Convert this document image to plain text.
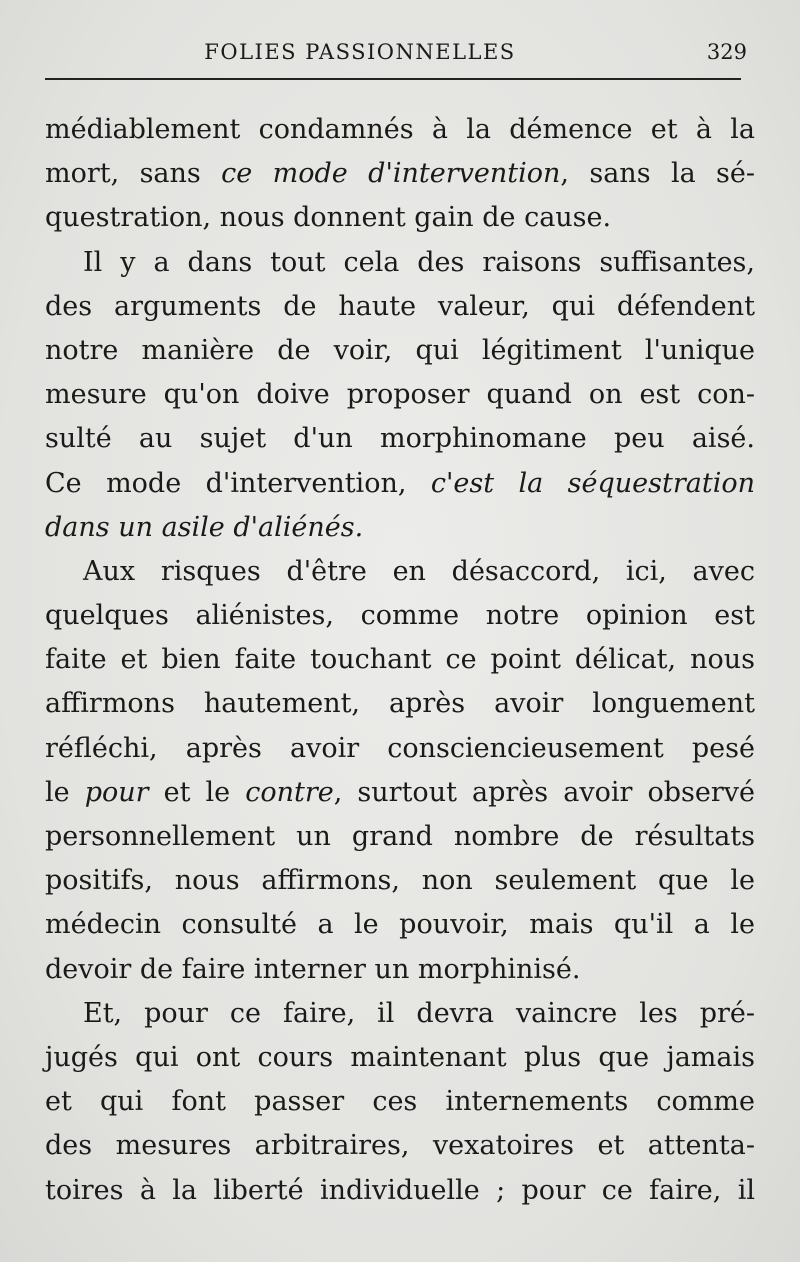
FOLIES PASSIONNELLES	329
médiablement condamnés à la démence et à la
mort, sans ce mode d'intervention, sans la sé-
questration, nous donnent gain de cause.
Il y a dans tout cela des raisons suffisantes,
des arguments de haute valeur, qui défendent
notre manière de voir, qui légitiment l'unique
mesure qu'on doive proposer quand on est con-
sulté au sujet d'un morphinomane peu aisé.
Ce mode d'intervention, c'est la séquestration
dans un asile d'aliénés.
Aux risques d'être en désaccord, ici, avec
quelques aliénistes, comme notre opinion est
faite et bien faite touchant ce point délicat, nous
affirmons hautement, après avoir longuement
réfléchi, après avoir consciencieusement pesé
le pour et le contre, surtout après avoir observé
personnellement un grand nombre de résultats
positifs, nous affirmons, non seulement que le
médecin consulté a le pouvoir, mais qu'il a le
devoir de faire interner un morphinisé.
Et, pour ce faire, il devra vaincre les pré-
jugés qui ont cours maintenant plus que jamais
et qui font passer ces internements comme
des mesures arbitraires, vexatoires et attenta-
toires à la liberté individuelle ; pour ce faire, il
